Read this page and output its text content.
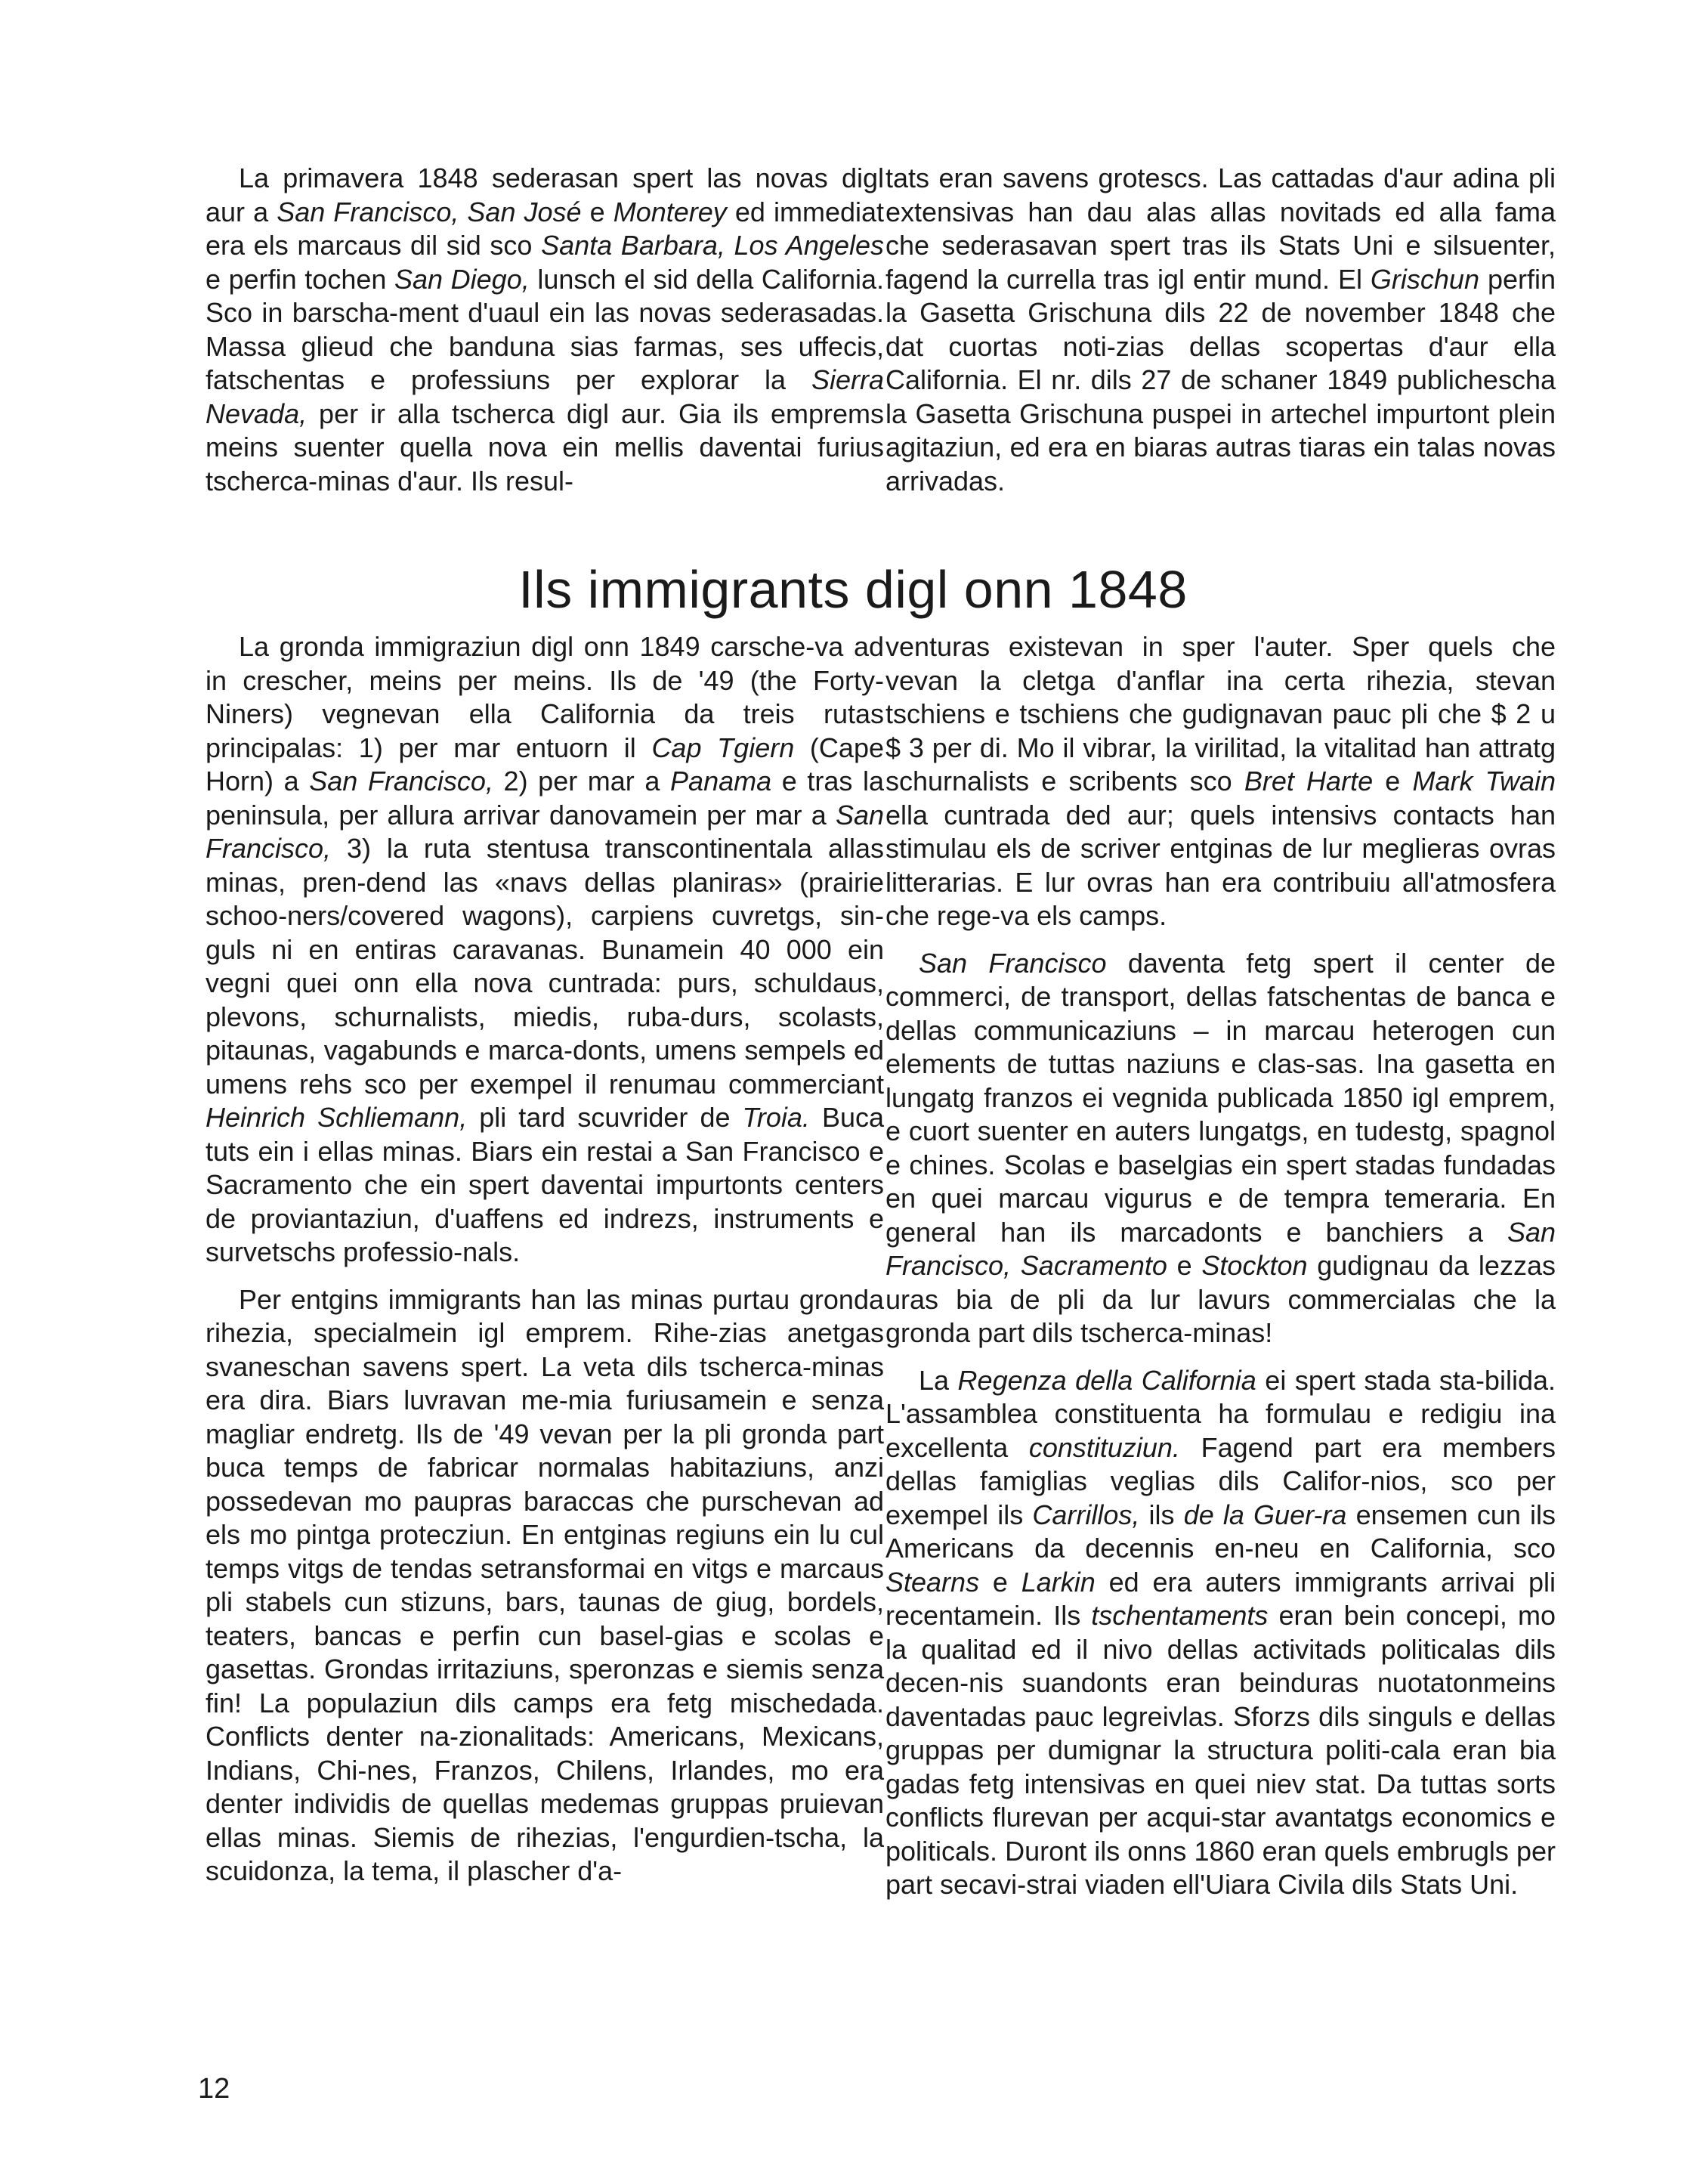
La primavera 1848 sederasan spert las novas digl aur a San Francisco, San José e Monterey ed immediat era els marcaus dil sid sco Santa Barbara, Los Angeles e perfin tochen San Diego, lunsch el sid della California. Sco in barscha-ment d'uaul ein las novas sederasadas. Massa glieud che banduna sias farmas, ses uffecis, fatschentas e professiuns per explorar la Sierra Nevada, per ir alla tscherca digl aur. Gia ils emprems meins suenter quella nova ein mellis daventai furius tscherca-minas d'aur. Ils resul-

tats eran savens grotescs. Las cattadas d'aur adina pli extensivas han dau alas allas novitads ed alla fama che sederasavan spert tras ils Stats Uni e silsuenter, fagend la currella tras igl entir mund. El Grischun perfin la Gasetta Grischuna dils 22 de november 1848 che dat cuortas noti-zias dellas scopertas d'aur ella California. El nr. dils 27 de schaner 1849 publichescha la Gasetta Grischuna puspei in artechel impurtont plein agitaziun, ed era en biaras autras tiaras ein talas novas arrivadas.

Ils immigrants digl onn 1848

La gronda immigraziun digl onn 1849 carsche-va ad in crescher, meins per meins. Ils de '49 (the Forty-Niners) vegnevan ella California da treis rutas principalas: 1) per mar entuorn il Cap Tgiern (Cape Horn) a San Francisco, 2) per mar a Panama e tras la peninsula, per allura arrivar danovamein per mar a San Francisco, 3) la ruta stentusa transcontinentala allas minas, pren-dend las «navs dellas planiras» (prairie schoo-ners/covered wagons), carpiens cuvretgs, sin-guls ni en entiras caravanas. Bunamein 40 000 ein vegni quei onn ella nova cuntrada: purs, schuldaus, plevons, schurnalists, miedis, ruba-durs, scolasts, pitaunas, vagabunds e marca-donts, umens sempels ed umens rehs sco per exempel il renumau commerciant Heinrich Schliemann, pli tard scuvrider de Troia. Buca tuts ein i ellas minas. Biars ein restai a San Francisco e Sacramento che ein spert daventai impurtonts centers de proviantaziun, d'uaffens ed indrezs, instruments e survetschs professio-nals.

Per entgins immigrants han las minas purtau gronda rihezia, specialmein igl emprem. Rihe-zias anetgas svaneschan savens spert. La veta dils tscherca-minas era dira. Biars luvravan me-mia furiusamein e senza magliar endretg. Ils de '49 vevan per la pli gronda part buca temps de fabricar normalas habitaziuns, anzi possedevan mo paupras baraccas che purschevan ad els mo pintga protecziun. En entginas regiuns ein lu cul temps vitgs de tendas setransformai en vitgs e marcaus pli stabels cun stizuns, bars, taunas de giug, bordels, teaters, bancas e perfin cun basel-gias e scolas e gasettas. Grondas irritaziuns, speronzas e siemis senza fin! La populaziun dils camps era fetg mischedada. Conflicts denter na-zionalitads: Americans, Mexicans, Indians, Chi-nes, Franzos, Chilens, Irlandes, mo era denter individis de quellas medemas gruppas pruievan ellas minas. Siemis de rihezias, l'engurdien-tscha, la scuidonza, la tema, il plascher d'a-

venturas existevan in sper l'auter. Sper quels che vevan la cletga d'anflar ina certa rihezia, stevan tschiens e tschiens che gudignavan pauc pli che $ 2 u $ 3 per di. Mo il vibrar, la virilitad, la vitalitad han attratg schurnalists e scribents sco Bret Harte e Mark Twain ella cuntrada ded aur; quels intensivs contacts han stimulau els de scriver entginas de lur meglieras ovras litterarias. E lur ovras han era contribuiu all'atmosfera che rege-va els camps.

San Francisco daventa fetg spert il center de commerci, de transport, dellas fatschentas de banca e dellas communicaziuns – in marcau heterogen cun elements de tuttas naziuns e clas-sas. Ina gasetta en lungatg franzos ei vegnida publicada 1850 igl emprem, e cuort suenter en auters lungatgs, en tudestg, spagnol e chines. Scolas e baselgias ein spert stadas fundadas en quei marcau vigurus e de tempra temeraria. En general han ils marcadonts e banchiers a San Francisco, Sacramento e Stockton gudignau da lezzas uras bia de pli da lur lavurs commercialas che la gronda part dils tscherca-minas!

La Regenza della California ei spert stada sta-bilida. L'assamblea constituenta ha formulau e redigiu ina excellenta constituziun. Fagend part era members dellas famiglias veglias dils Califor-nios, sco per exempel ils Carrillos, ils de la Guer-ra ensemen cun ils Americans da decennis en-neu en California, sco Stearns e Larkin ed era auters immigrants arrivai pli recentamein. Ils tschentaments eran bein concepi, mo la qualitad ed il nivo dellas activitads politicalas dils decen-nis suandonts eran beinduras nuotatonmeins daventadas pauc legreivlas. Sforzs dils singuls e dellas gruppas per dumignar la structura politi-cala eran bia gadas fetg intensivas en quei niev stat. Da tuttas sorts conflicts flurevan per acqui-star avantatgs economics e politicals. Duront ils onns 1860 eran quels embrugls per part secavi-strai viaden ell'Uiara Civila dils Stats Uni.

12
